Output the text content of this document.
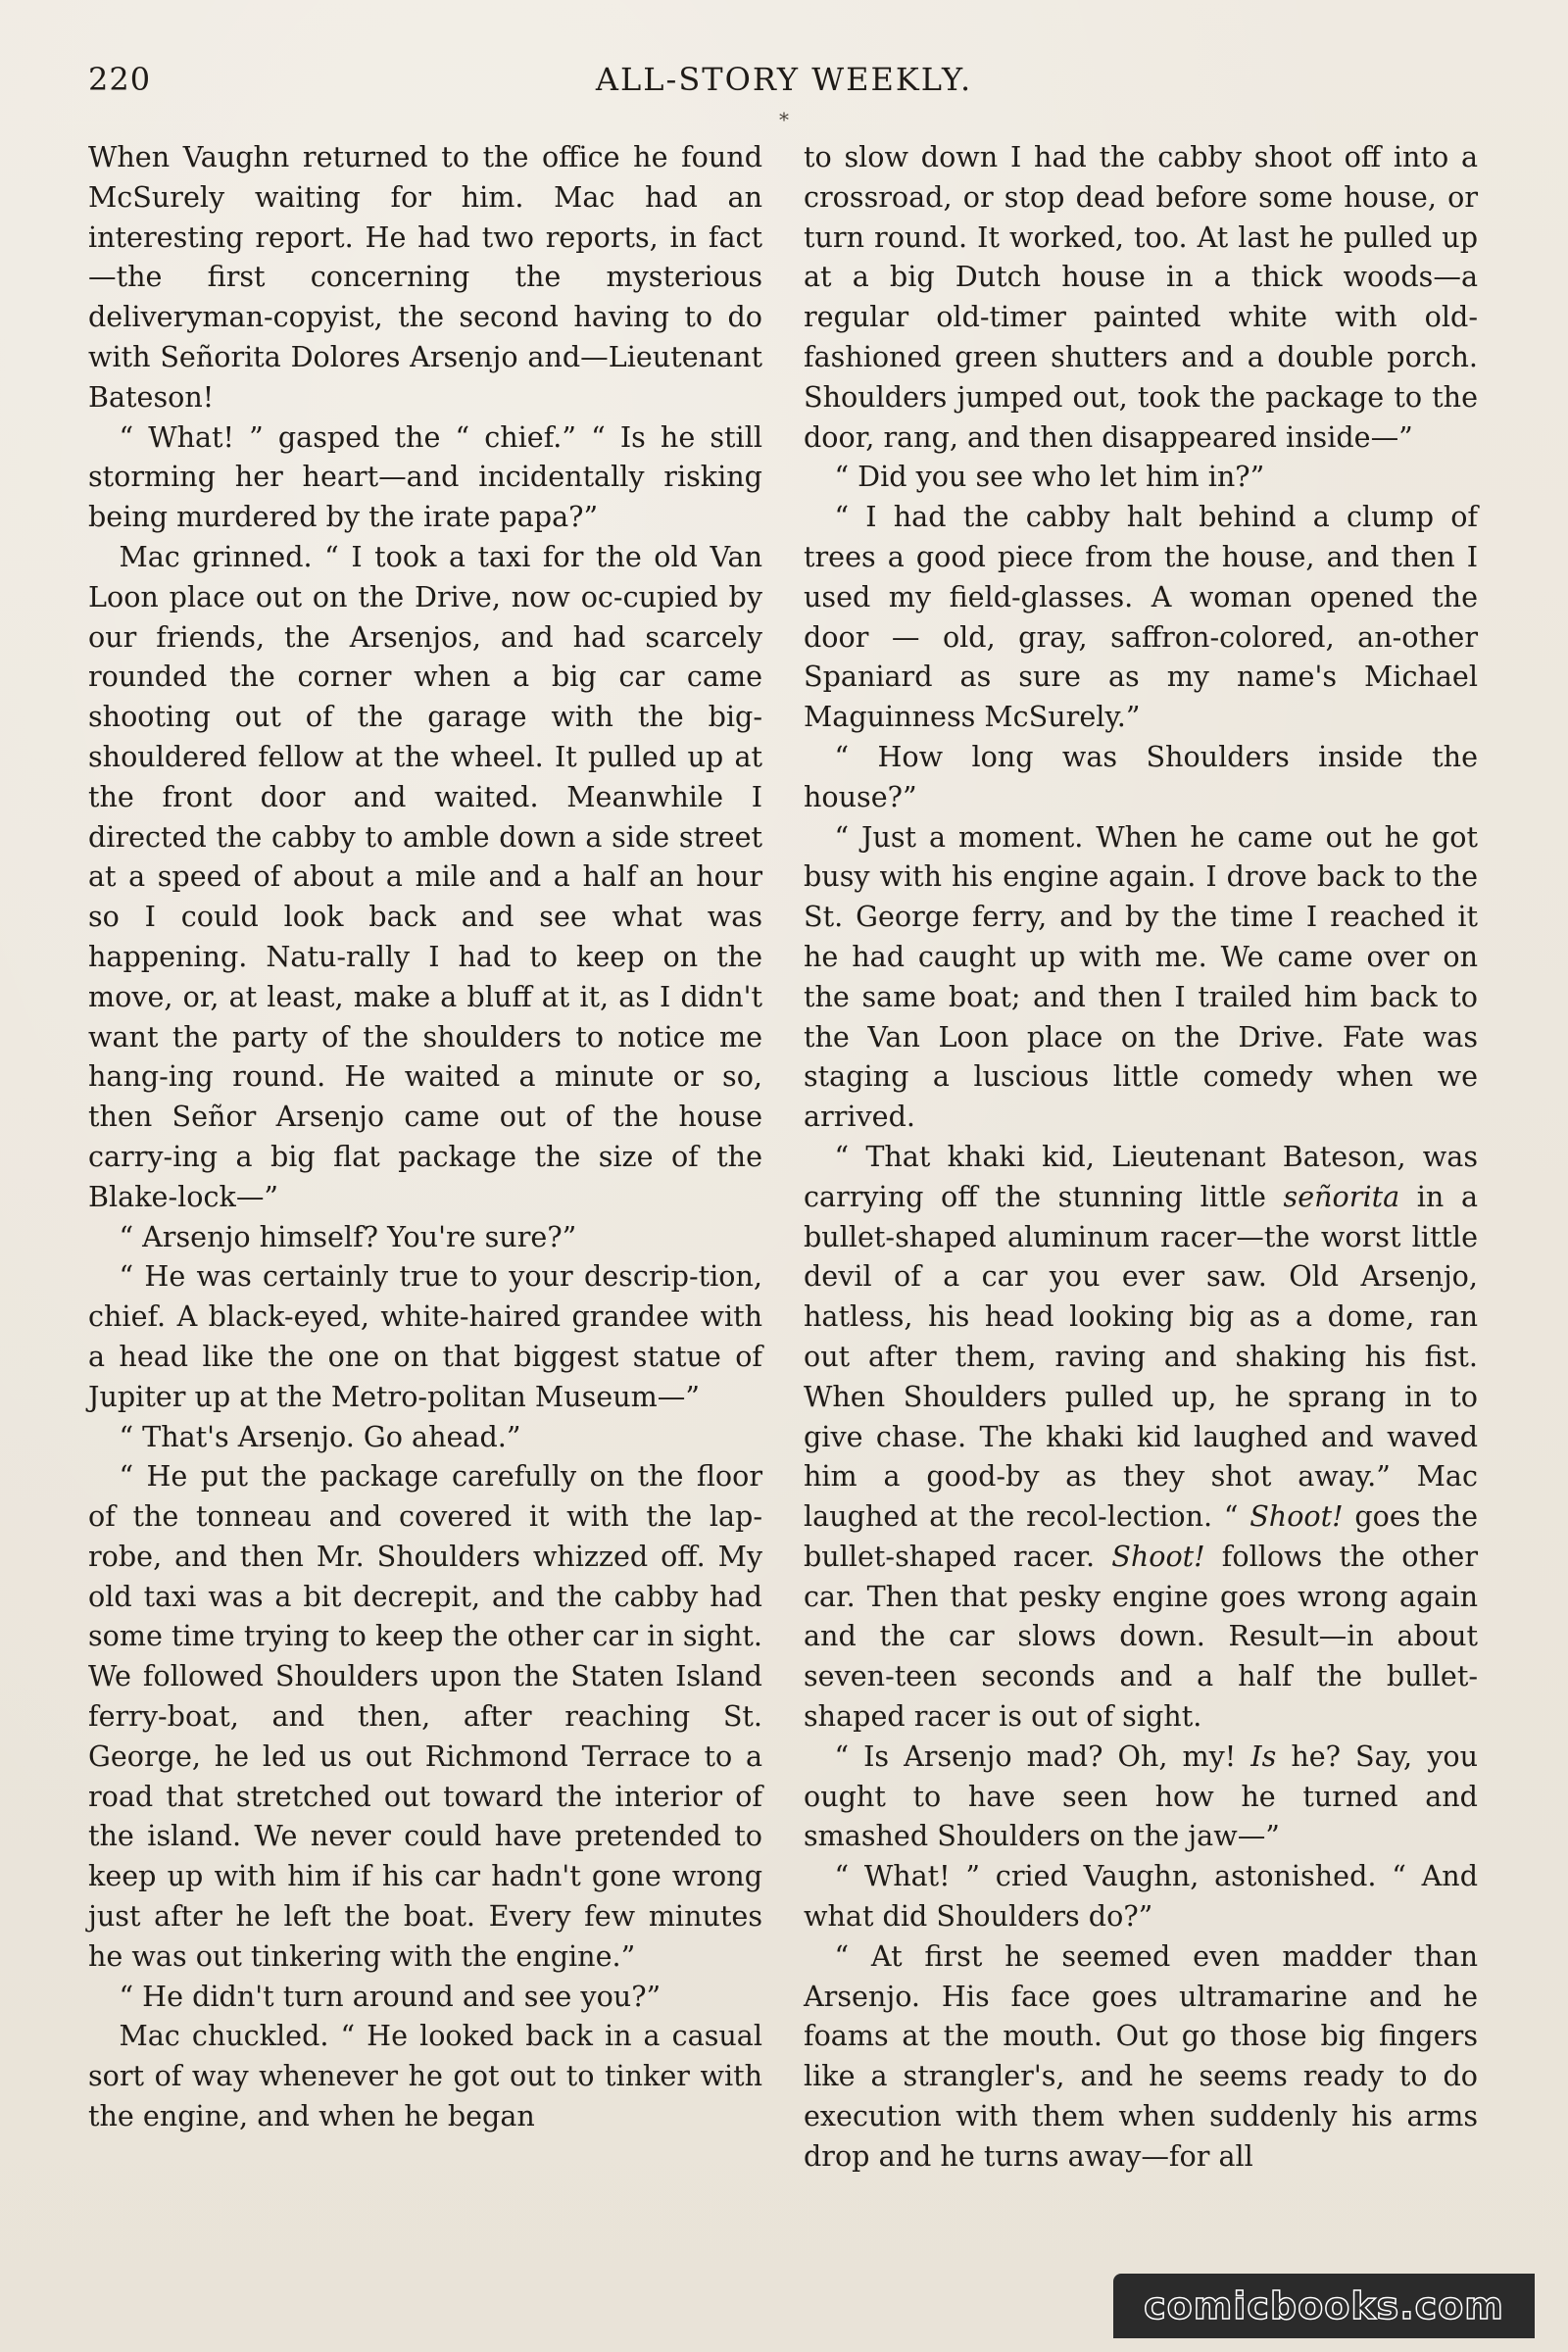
220	ALL-STORY WEEKLY.
*

When Vaughn returned to the office he found McSurely waiting for him. Mac had an interesting report. He had two reports, in fact—the first concerning the mysterious deliveryman-copyist, the second having to do with Señorita Dolores Arsenjo and—Lieutenant Bateson!

“ What! ” gasped the “ chief.” “ Is he still storming her heart—and incidentally risking being murdered by the irate papa?”

Mac grinned. “ I took a taxi for the old Van Loon place out on the Drive, now oc-cupied by our friends, the Arsenjos, and had scarcely rounded the corner when a big car came shooting out of the garage with the big-shouldered fellow at the wheel. It pulled up at the front door and waited. Meanwhile I directed the cabby to amble down a side street at a speed of about a mile and a half an hour so I could look back and see what was happening. Natu-rally I had to keep on the move, or, at least, make a bluff at it, as I didn't want the party of the shoulders to notice me hang-ing round. He waited a minute or so, then Señor Arsenjo came out of the house carry-ing a big flat package the size of the Blake-lock—”

“ Arsenjo himself? You're sure?”

“ He was certainly true to your descrip-tion, chief. A black-eyed, white-haired grandee with a head like the one on that biggest statue of Jupiter up at the Metro-politan Museum—”

“ That's Arsenjo. Go ahead.”

“ He put the package carefully on the floor of the tonneau and covered it with the lap-robe, and then Mr. Shoulders whizzed off. My old taxi was a bit decrepit, and the cabby had some time trying to keep the other car in sight. We followed Shoulders upon the Staten Island ferry-boat, and then, after reaching St. George, he led us out Richmond Terrace to a road that stretched out toward the interior of the island. We never could have pretended to keep up with him if his car hadn't gone wrong just after he left the boat. Every few minutes he was out tinkering with the engine.”

“ He didn't turn around and see you?”

Mac chuckled. “ He looked back in a casual sort of way whenever he got out to tinker with the engine, and when he began

to slow down I had the cabby shoot off into a crossroad, or stop dead before some house, or turn round. It worked, too. At last he pulled up at a big Dutch house in a thick woods—a regular old-timer painted white with old-fashioned green shutters and a double porch. Shoulders jumped out, took the package to the door, rang, and then disappeared inside—”

“ Did you see who let him in?”

“ I had the cabby halt behind a clump of trees a good piece from the house, and then I used my field-glasses. A woman opened the door — old, gray, saffron-colored, an-other Spaniard as sure as my name's Michael Maguinness McSurely.”

“ How long was Shoulders inside the house?”

“ Just a moment. When he came out he got busy with his engine again. I drove back to the St. George ferry, and by the time I reached it he had caught up with me. We came over on the same boat; and then I trailed him back to the Van Loon place on the Drive. Fate was staging a luscious little comedy when we arrived.

“ That khaki kid, Lieutenant Bateson, was carrying off the stunning little señorita in a bullet-shaped aluminum racer—the worst little devil of a car you ever saw. Old Arsenjo, hatless, his head looking big as a dome, ran out after them, raving and shaking his fist. When Shoulders pulled up, he sprang in to give chase. The khaki kid laughed and waved him a good-by as they shot away.” Mac laughed at the recol-lection. “ Shoot! goes the bullet-shaped racer. Shoot! follows the other car. Then that pesky engine goes wrong again and the car slows down. Result—in about seven-teen seconds and a half the bullet-shaped racer is out of sight.

“ Is Arsenjo mad? Oh, my! Is he? Say, you ought to have seen how he turned and smashed Shoulders on the jaw—”

“ What! ” cried Vaughn, astonished. “ And what did Shoulders do?”

“ At first he seemed even madder than Arsenjo. His face goes ultramarine and he foams at the mouth. Out go those big fingers like a strangler's, and he seems ready to do execution with them when suddenly his arms drop and he turns away—for all

comicbooks.com
